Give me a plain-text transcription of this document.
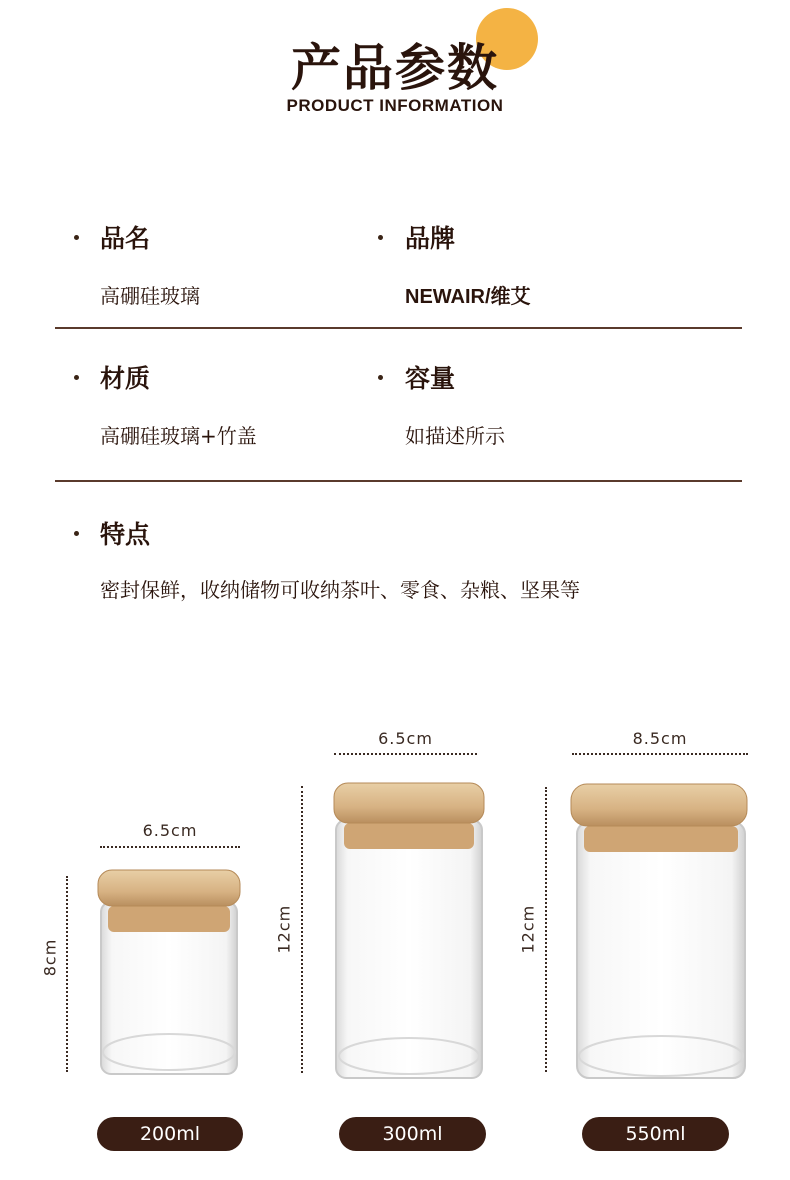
产品参数
PRODUCT INFORMATION
品名
高硼硅玻璃
品牌
NEWAIR/维艾
材质
高硼硅玻璃+竹盖
容量
如描述所示
特点
密封保鲜，收纳储物可收纳茶叶、零食、杂粮、坚果等
6.5cm
8cm
6.5cm
12cm
8.5cm
12cm
200ml	300ml	550ml
